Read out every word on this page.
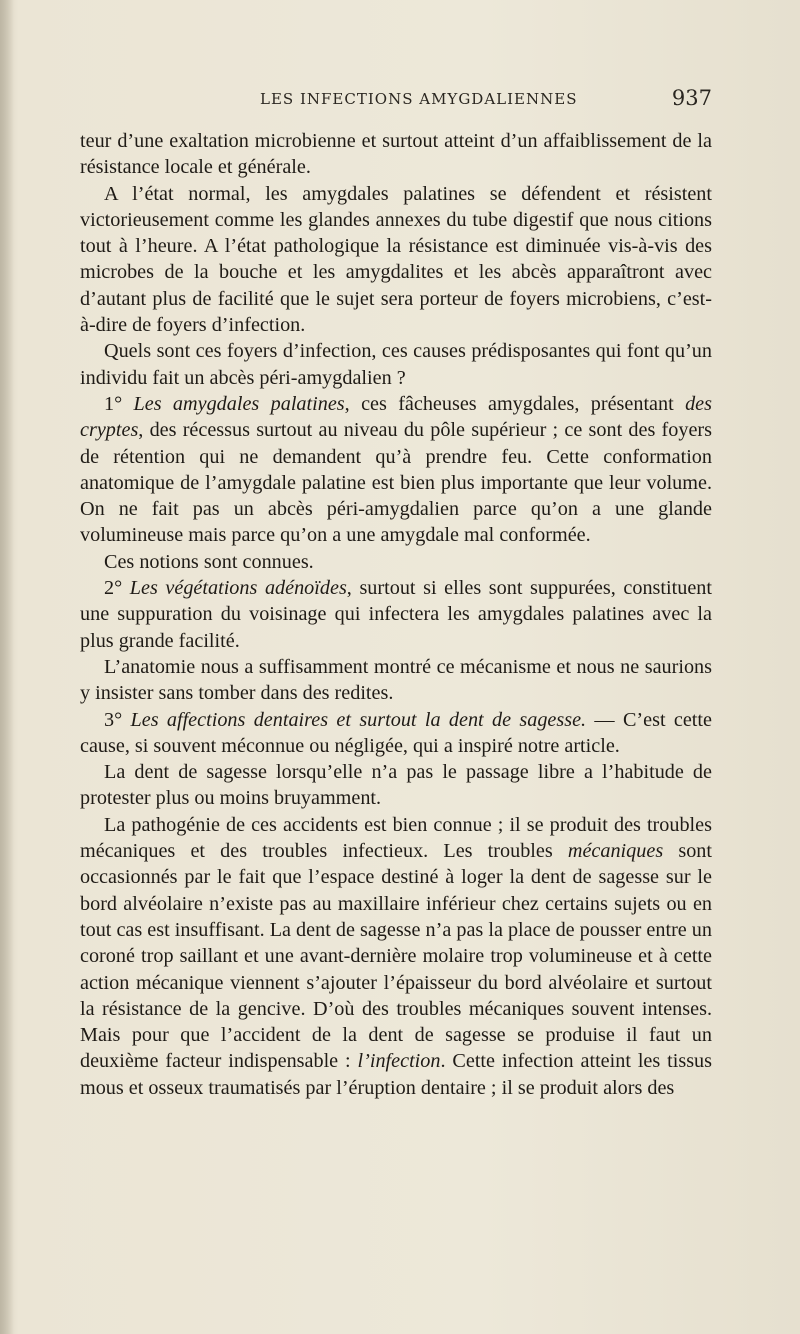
LES INFECTIONS AMYGDALIENNES	937

teur d’une exaltation microbienne et surtout atteint d’un affaiblissement de la résistance locale et générale.

A l’état normal, les amygdales palatines se défendent et résistent victorieusement comme les glandes annexes du tube digestif que nous citions tout à l’heure. A l’état pathologique la résistance est diminuée vis-à-vis des microbes de la bouche et les amygdalites et les abcès apparaîtront avec d’autant plus de facilité que le sujet sera porteur de foyers microbiens, c’est-à-dire de foyers d’infection.

Quels sont ces foyers d’infection, ces causes prédisposantes qui font qu’un individu fait un abcès péri-amygdalien ?

1° Les amygdales palatines, ces fâcheuses amygdales, présentant des cryptes, des récessus surtout au niveau du pôle supérieur ; ce sont des foyers de rétention qui ne demandent qu’à prendre feu. Cette conformation anatomique de l’amygdale palatine est bien plus importante que leur volume. On ne fait pas un abcès péri-amygdalien parce qu’on a une glande volumineuse mais parce qu’on a une amygdale mal conformée.

Ces notions sont connues.

2° Les végétations adénoïdes, surtout si elles sont suppurées, constituent une suppuration du voisinage qui infectera les amygdales palatines avec la plus grande facilité.

L’anatomie nous a suffisamment montré ce mécanisme et nous ne saurions y insister sans tomber dans des redites.

3° Les affections dentaires et surtout la dent de sagesse. — C’est cette cause, si souvent méconnue ou négligée, qui a inspiré notre article.

La dent de sagesse lorsqu’elle n’a pas le passage libre a l’habitude de protester plus ou moins bruyamment.

La pathogénie de ces accidents est bien connue ; il se produit des troubles mécaniques et des troubles infectieux. Les troubles mécaniques sont occasionnés par le fait que l’espace destiné à loger la dent de sagesse sur le bord alvéolaire n’existe pas au maxillaire inférieur chez certains sujets ou en tout cas est insuffisant. La dent de sagesse n’a pas la place de pousser entre un coroné trop saillant et une avant-dernière molaire trop volumineuse et à cette action mécanique viennent s’ajouter l’épaisseur du bord alvéolaire et surtout la résistance de la gencive. D’où des troubles mécaniques souvent intenses. Mais pour que l’accident de la dent de sagesse se produise il faut un deuxième facteur indispensable : l’infection. Cette infection atteint les tissus mous et osseux traumatisés par l’éruption dentaire ; il se produit alors des
